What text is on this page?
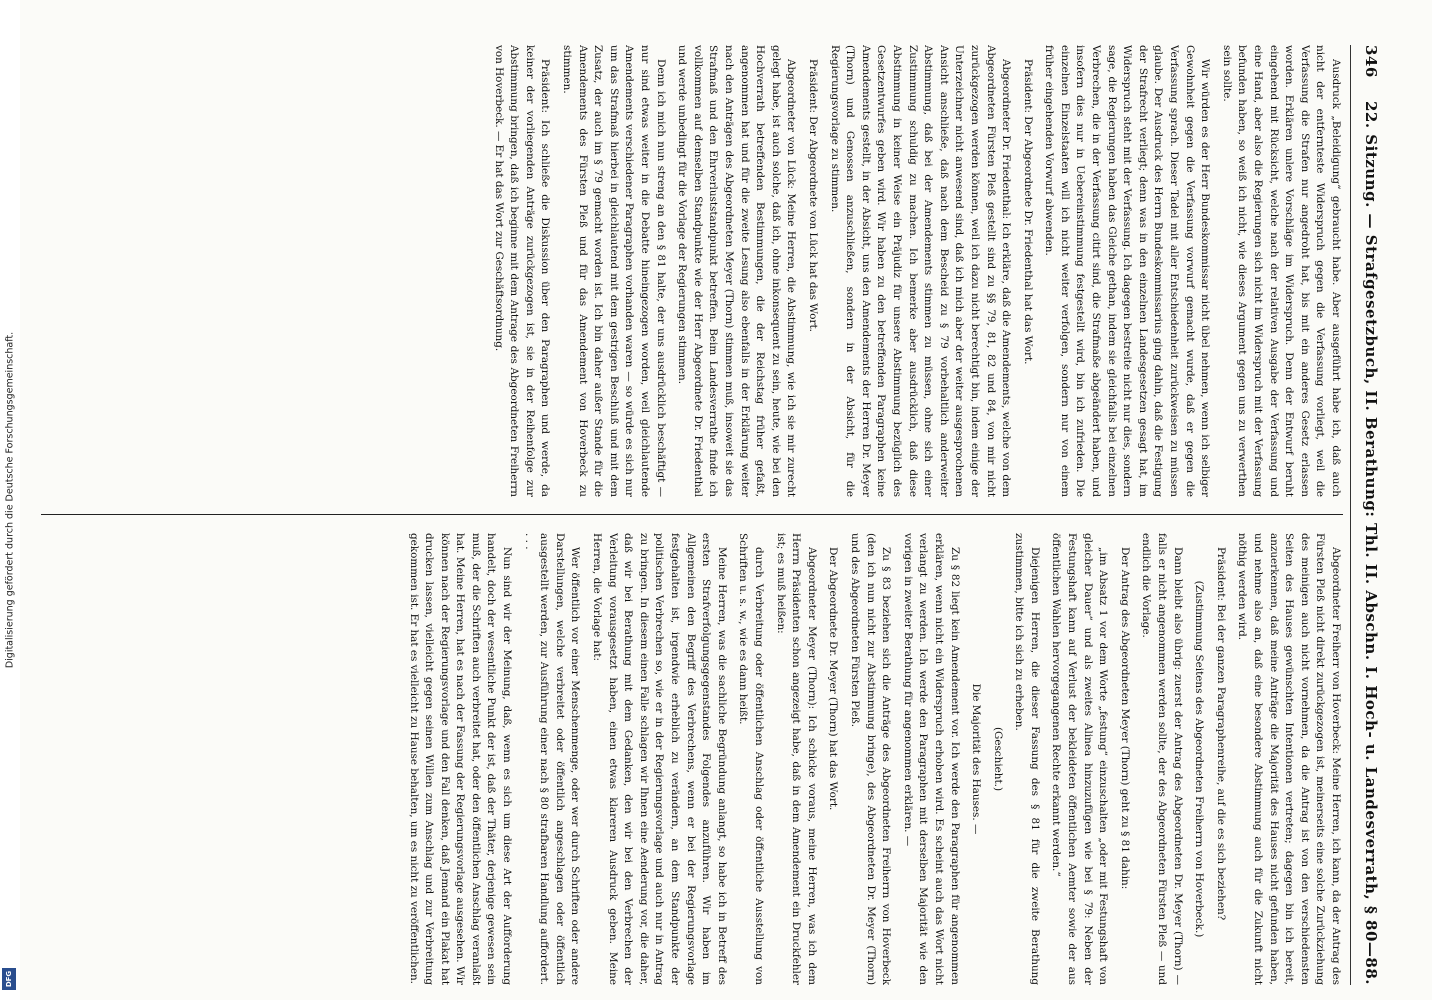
346
22. Sitzung. — Strafgesetzbuch, II. Berathung: Thl. II. Abschn. I. Hoch- u. Landesverrath, § 80—88.

Ausdruck „Beleidigung“ gebraucht habe. Aber ausgeführt habe ich, daß auch nicht der entfernteste Widerspruch gegen die Verfassung vorliegt, weil die Verfassung die Strafen nur angedroht hat, bis mit ein anderes Gesetz erlassen worden. Erklären unlere Vorschläge im Widerspruch. Denn der Entwurf beruht eingehend mit Rücksicht, welche nach der relativen Ausgabe der Verfassung und eine Hand, aber also die Regierungen sich nicht im Widerspruch mit der Verfassung befunden haben, so weiß ich nicht, wie dieses Argument gegen uns zu verwerthen sein sollte.

Wir würden es der Herr Bundeskommissar nicht übel nehmen, wenn ich selbiger Gewohnheit gegen die Verfassung vorwurf gemacht wurde, daß er gegen die Verfassung sprach. Dieser Tadel mit aller Entschiedenheit zurückweisen zu müssen glaube. Der Ausdruck des Herrn Bundeskommissarius ging dahin, daß die Festigung der Strafrecht verliegt; denn was in den einzelnen Landesgesetzen gesagt hat, im Widerspruch steht mit der Verfassung. Ich dagegen bestreite nicht nur dies, sondern sage, die Regierungen haben das Gleiche gethan, indem sie gleichfalls bei einzelnen Verbrechen, die in der Verfassung citirt sind, die Strafmaße abgeändert haben, und insofern dies nur in Uebereinstimmung festgestellt wird, bin ich zufrieden. Die einzelnen Einzelstaaten will ich nicht weiter verfolgen, sondern nur von einem früher eingehenden Vorwurf abwenden.

Präsident: Der Abgeordnete Dr. Friedenthal hat das Wort.

Abgeordneter Dr. Friedenthal: Ich erkläre, daß die Amendements, welche von dem Abgeordneten Fürsten Pleß gestellt sind zu §§ 79, 81, 82 und 84, von mir nicht zurückgezogen werden können, weil ich dazu nicht berechtigt bin, indem einige der Unterzeichner nicht anwesend sind, daß ich mich aber der weiter ausgesprochenen Ansicht anschließe, daß nach dem Bescheid zu § 79 vorbehaltlich anderweiter Abstimmung, daß bei der Amendements stimmen zu müssen, ohne sich einer Zustimmung schuldig zu machen. Ich bemerke aber ausdrücklich, daß diese Abstimmung in keiner Weise ein Präjudiz für unsere Abstimmung bezüglich des Gesetzentwurfes geben wird. Wir haben zu den betreffenden Paragraphen keine Amendements gestellt, in der Absicht, uns den Amendements der Herren Dr. Meyer (Thorn) und Genossen anzuschließen, sondern in der Absicht, für die Regierungsvorlage zu stimmen.

Präsident: Der Abgeordnete von Lück hat das Wort.

Abgeordneter von Lück: Meine Herren, die Abstimmung, wie ich sie mir zurecht gelegt habe, ist auch solche, daß ich, ohne inkonsequent zu sein, heute, wie bei den Hochverrath betreffenden Bestimmungen, die der Reichstag früher gefaßt, angenommen hat und für die zweite Lesung also ebenfalls in der Erklärung weiter nach den Anträgen des Abgeordneten Meyer (Thorn) stimmen muß, insoweit sie das Strafmaß und den Ehrverluststandpunkt betreffen. Beim Landesverrathe finde ich vollkommen auf demselben Standpunkte wie der Herr Abgeordnete Dr. Friedenthal und werde unbedingt für die Vorlage der Regierungen stimmen.

Denn ich mich nun streng an den § 81 halte, der uns ausdrücklich beschäftigt — nur sind etwas weiter in die Debatte hineingezogen worden, weil gleichlautende Amendements verschiedener Paragraphen vorhanden waren — so würde es sich nur um das Strafmaß hierbei in gleichlautend mit dem gestrigen Beschluß und mit dem Zusatz, der auch im § 79 gemacht worden ist. Ich bin daher außer Stande für die Amendements des Fürsten Pleß und für das Amendement von Hoverbeck zu stimmen.

Präsident: Ich schließe die Diskussion über den Paragraphen und werde, da keiner der vorliegenden Anträge zurückgezogen ist, sie in der Reihenfolge zur Abstimmung bringen, daß ich beginne mit dem Antrage des Abgeordneten Freiherrn von Hoverbeck. — Er hat das Wort zur Geschäftsordnung.

Abgeordneter Freiherr von Hoverbeck: Meine Herren, ich kann, da der Antrag des Fürsten Pleß nicht direkt zurückgezogen ist, meinerseits eine solche Zurückziehung des meinigen auch nicht vornehmen, da die Antrag ist von den verschiedensten Seiten des Hauses gewünschten Intentionen vertreten; dagegen bin ich bereit, anzuerkennen, daß meine Anträge die Majorität des Hauses nicht gefunden haben, und nehme also an, daß eine besondere Abstimmung auch für die Zukunft nicht nöthig werden wird.

Präsident: Bei der ganzen Paragraphenreihe, auf die es sich beziehen?

(Zustimmung Seitens des Abgeordneten Freiherrn von Hoverbeck.)

Dann bleibt also übrig: zuerst der Antrag des Abgeordneten Dr. Meyer (Thorn) — falls er nicht angenommen werden sollte, der des Abgeordneten Fürsten Pleß — und endlich die Vorlage.

Der Antrag des Abgeordneten Meyer (Thorn) geht zu § 81 dahin:

„im Absatz 1 vor dem Worte „festung“ einzuschalten „oder mit Festungshaft von gleicher Dauer“ und als zweites Alinea hinzuzufügen wie bei § 79: Neben der Festungshaft kann auf Verlust der bekleideten öffentlichen Aemter sowie der aus öffentlichen Wahlen hervorgegangenen Rechte erkannt werden.“

Diejenigen Herren, die dieser Fassung des § 81 für die zweite Berathung zustimmen, bitte ich sich zu erheben.

(Geschieht.)

Die Majorität des Hauses. —

Zu § 82 liegt kein Amendement vor. Ich werde den Paragraphen für angenommen erklären, wenn nicht ein Widerspruch erhoben wird. Es scheint auch das Wort nicht verlangt zu werden. Ich werde den Paragraphen mit derselben Majorität wie den vorigen in zweiter Berathung für angenommen erklären. —

Zu § 83 beziehen sich die Anträge des Abgeordneten Freiherrn von Hoverbeck (den ich nun nicht zur Abstimmung bringe), des Abgeordneten Dr. Meyer (Thorn) und des Abgeordneten Fürsten Pleß.

Der Abgeordnete Dr. Meyer (Thorn) hat das Wort.

Abgeordneter Meyer (Thorn): Ich schicke voraus, meine Herren, was ich dem Herrn Präsidenten schon angezeigt habe, daß in dem Amendement ein Druckfehler ist; es muß heißen:

durch Verbreitung oder öffentlichen Anschlag oder öffentliche Ausstellung von Schriften u. s. w., wie es dann heißt.

Meine Herren, was die sachliche Begründung anlangt, so habe ich in Betreff des ersten Strafverfolgungsgegenstandes Folgendes anzuführen. Wir haben im Allgemeinen den Begriff des Verbrechens, wenn er bei der Regierungsvorlage festgehalten ist, irgendwie erheblich zu verändern, an dem Standpunkte der politischen Verbrechen so, wie er in der Regierungsvorlage und auch nur in Antrag zu bringen. In diesem einen Falle schlagen wir Ihnen eine Aenderung vor, die daher, daß wir bei Berathung mit dem Gedanken, den wir bei den Verbrechen der Verleitung vorausgesetzt haben, einen etwas klareren Ausdruck geben. Meine Herren, die Vorlage hat:

Wer öffentlich vor einer Menschenmenge, oder wer durch Schriften oder andere Darstellungen, welche verbreitet oder öffentlich angeschlagen oder öffentlich ausgestellt werden, zur Ausführung einer nach § 80 strafbaren Handlung auffordert. . . .

Nun sind wir der Meinung, daß, wenn es sich um diese Art der Aufforderung handelt, doch der wesentliche Punkt der ist, daß der Thäter, derjenige gewesen sein muß, der die Schriften auch verbreitet hat, oder den öffentlichen Anschlag veranlaßt hat. Meine Herren, hat es nach der Fassung der Regierungsvorlage ausgesehen. Wir können nach der Regierungsvorlage und den Fall denken, daß Jemand ein Plakat hat drucken lassen, vielleicht gegen seinen Willen zum Anschlag und zur Verbreitung gekommen ist. Er hat es vielleicht zu Hause behalten, um es nicht zu veröffentlichen.

Digitalisierung gefördert durch die Deutsche Forschungsgemeinschaft.
DFG
